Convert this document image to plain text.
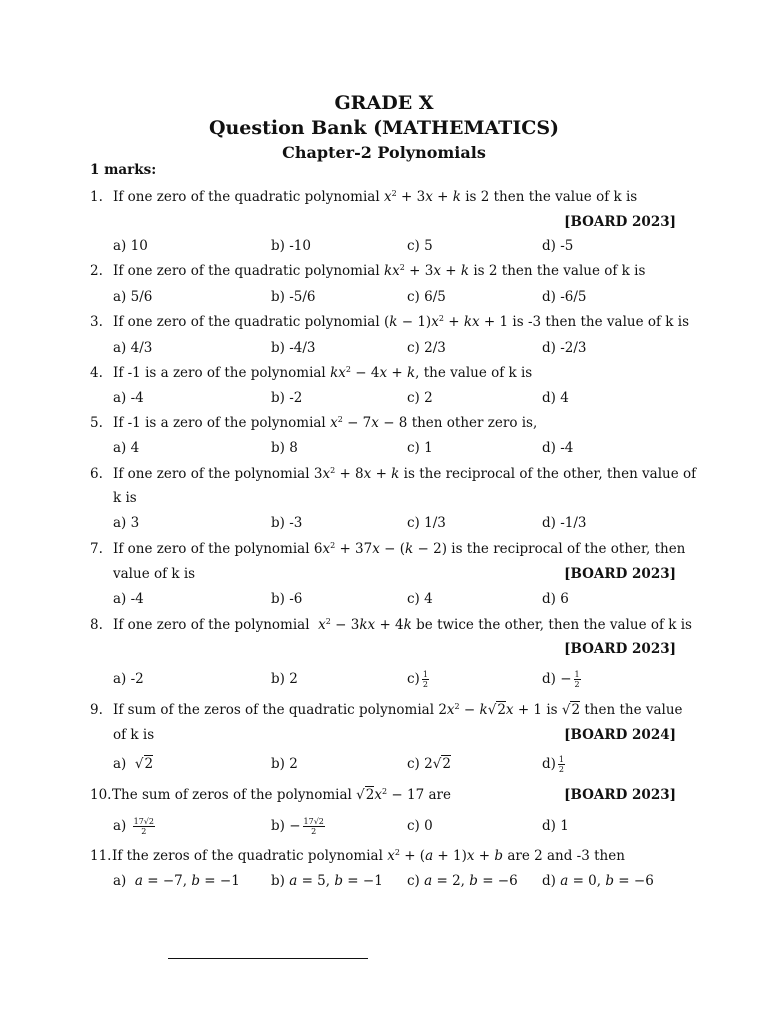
GRADE X
Question Bank (MATHEMATICS)
Chapter-2 Polynomials
1 marks:
1. If one zero of the quadratic polynomial $x^2 + 3x + k$ is 2 then the value of k is
[BOARD 2023]
a) 10	b) -10	c) 5	d) -5
2. If one zero of the quadratic polynomial $kx^2 + 3x + k$ is 2 then the value of k is
a) 5/6	b) -5/6	c) 6/5	d) -6/5
3. If one zero of the quadratic polynomial $(k - 1)x^2$ + kx + 1 is -3 then the value of k is
a) 4/3	b) -4/3	c) 2/3	d) -2/3
4. If -1 is a zero of the polynomial $kx^2 - 4x + k$, the value of k is
a) -4	b) -2	c) 2	d) 4
5. If -1 is a zero of the polynomial $x^2 - 7x - 8$ then other zero is,
a) 4	b) 8	c) 1	d) -4
6. If one zero of the polynomial $3x^2 + 8x + k$ is the reciprocal of the other, then value of
k is
a) 3	b) -3	c) 1/3	d) -1/3
7. If one zero of the polynomial $6x^2 + 37x - (k - 2)$ is the reciprocal of the other, then
value of k is	[BOARD 2023]
a) -4	b) -6	c) 4	d) 6
8. If one zero of the polynomial $x^2 - 3kx + 4k$ be twice the other, then the value of k is
[BOARD 2023]
a) -2	b) 2	$c) \frac{1}{2}$	$d) - \frac{1}{2}$
9. If sum of the zeros of the quadratic polynomial $2x^2 - k√2x + 1$ is √2 then the value
of k is	[BOARD 2024]
a)  √2	b) 2	c) 2√2	$d) \frac{1}{2}$
10. The sum of zeros of the polynomial $√2x^2 - 17$ are	[BOARD 2023]
$a) \frac{17√2}{2}$	$b) - \frac{17√2}{2}$	c) 0	d) 1
11. If the zeros of the quadratic polynomial $x^2 + (a + 1)x + b$ are 2 and -3 then
a) a = −7, b = −1 b) a = 5, b = −1 c) a = 2, b = −6 d) a = 0, b = −6
